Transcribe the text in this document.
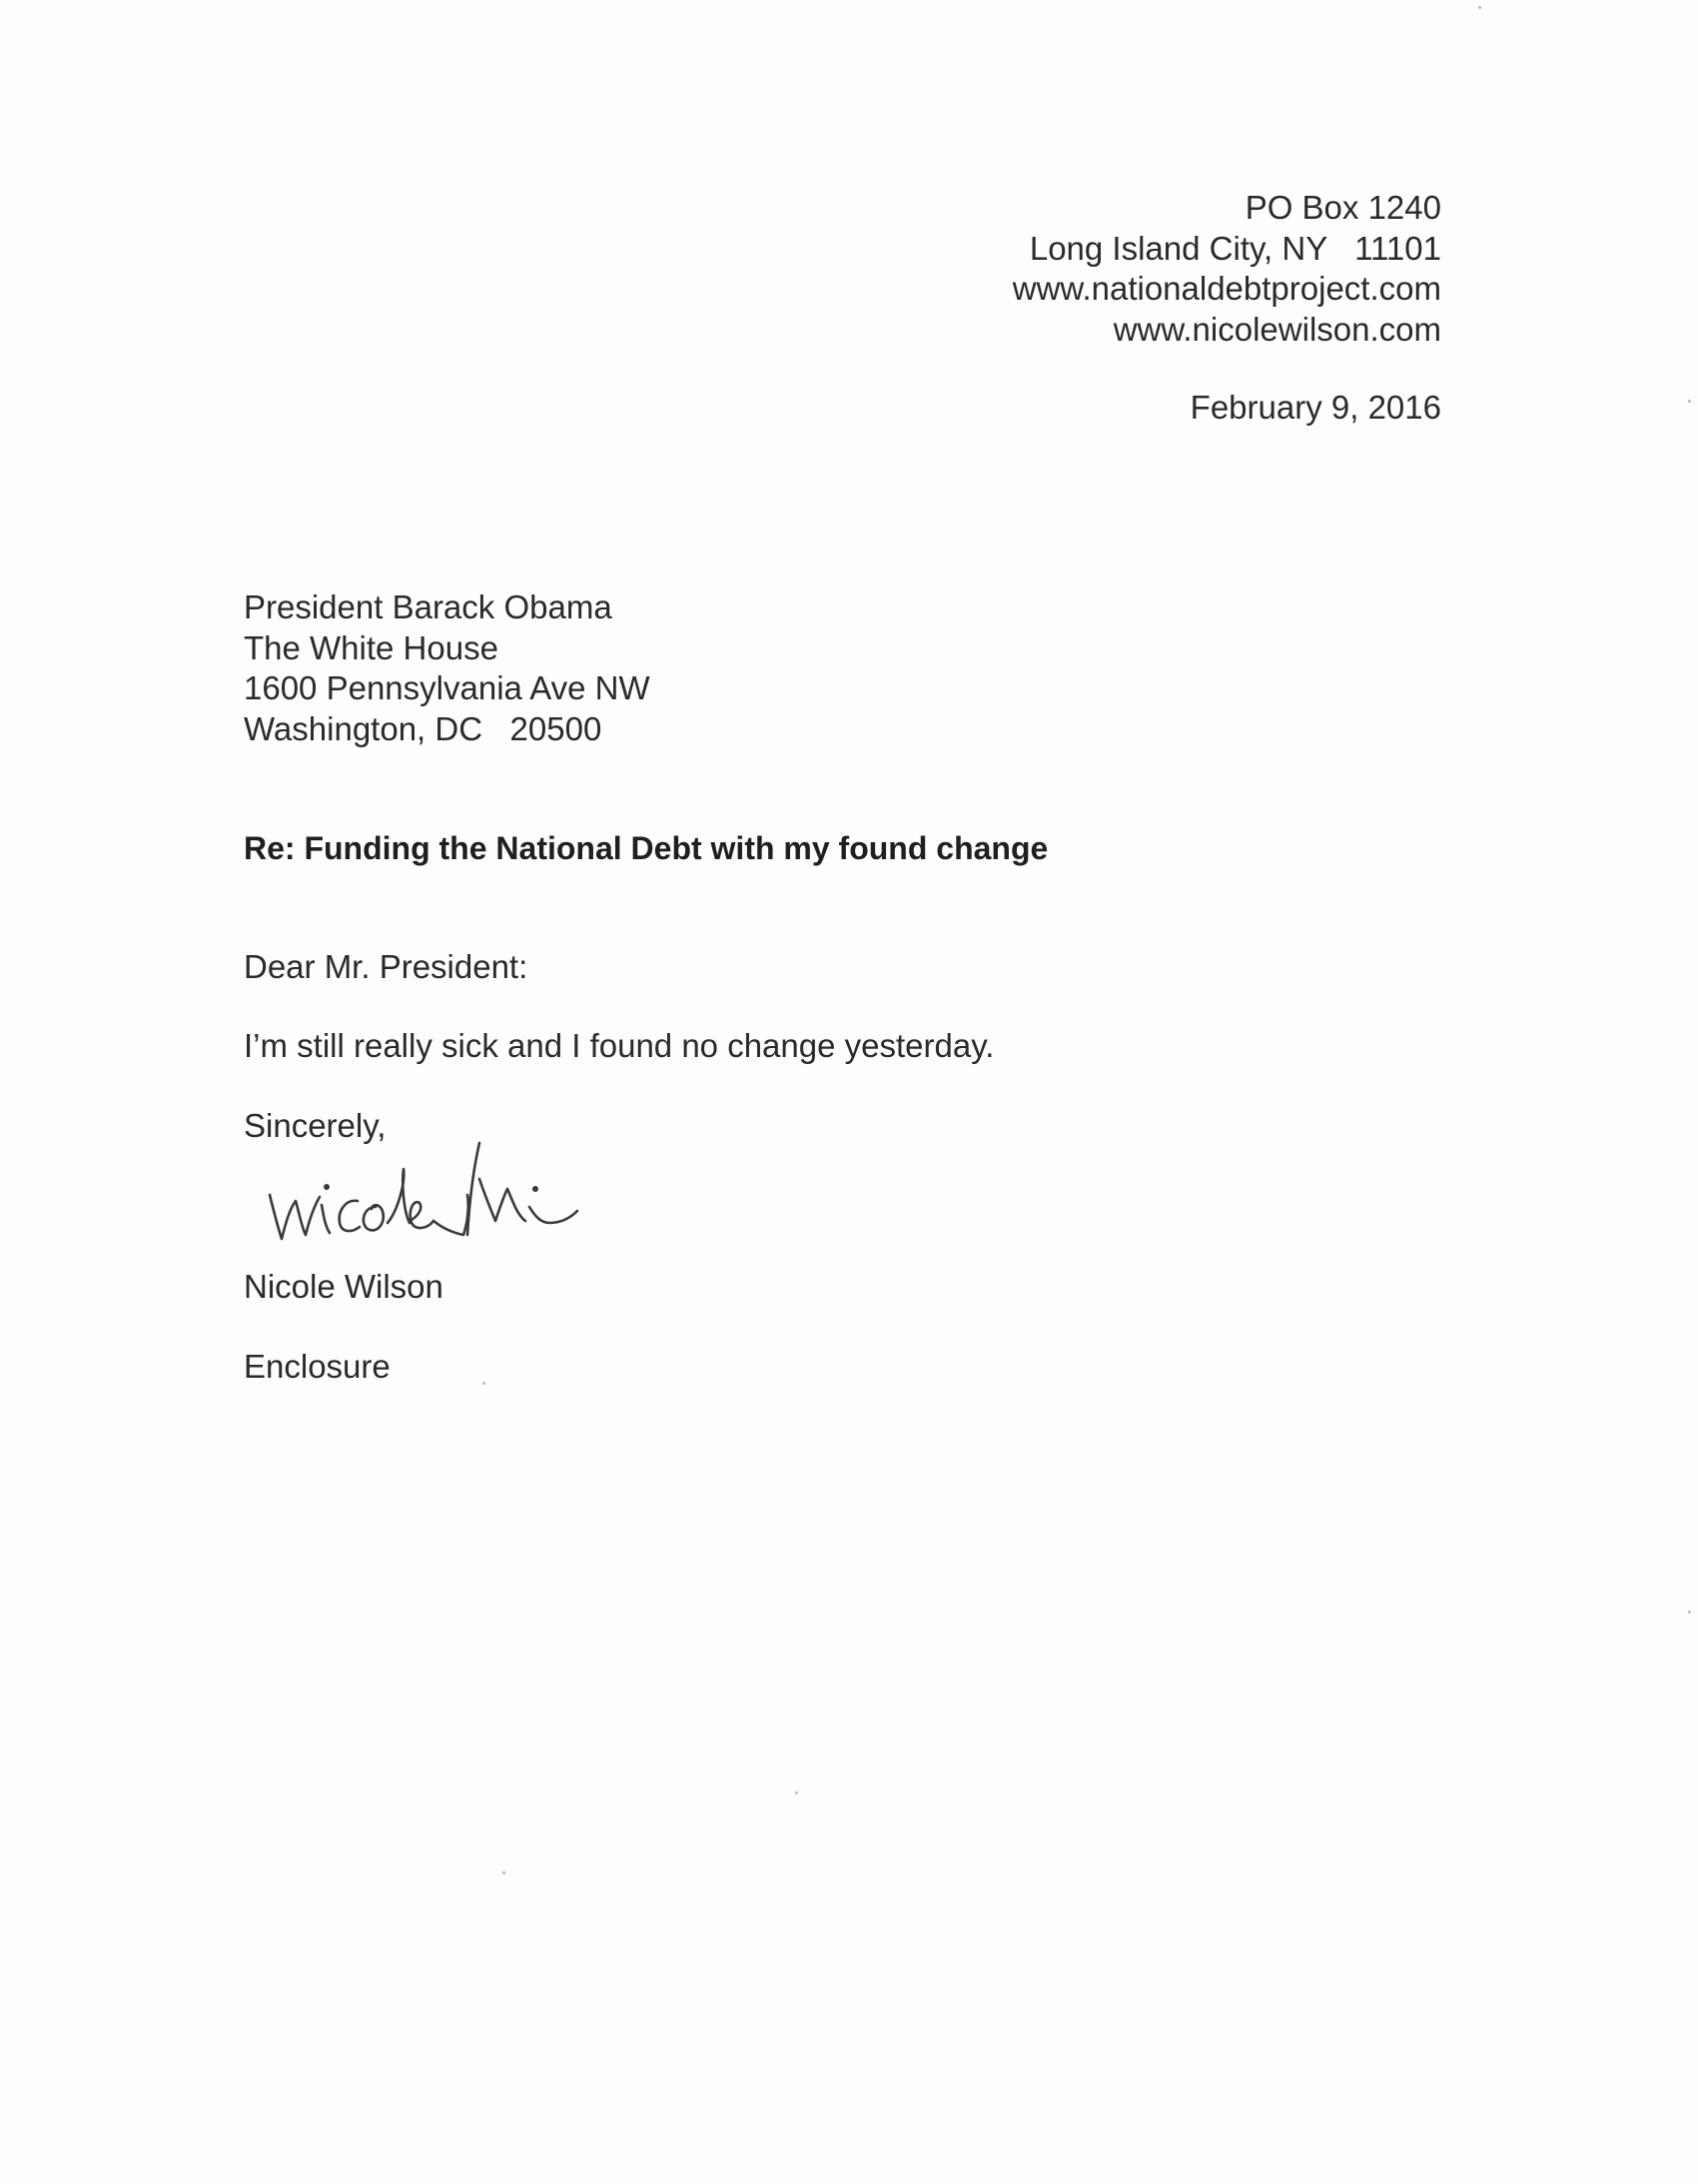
PO Box 1240
Long Island City, NY   11101
www.nationaldebtproject.com
www.nicolewilson.com
February 9, 2016
President Barack Obama
The White House
1600 Pennsylvania Ave NW
Washington, DC   20500
Re: Funding the National Debt with my found change
Dear Mr. President:
I’m still really sick and I found no change yesterday.
Sincerely,
Nicole Wilson
Enclosure
